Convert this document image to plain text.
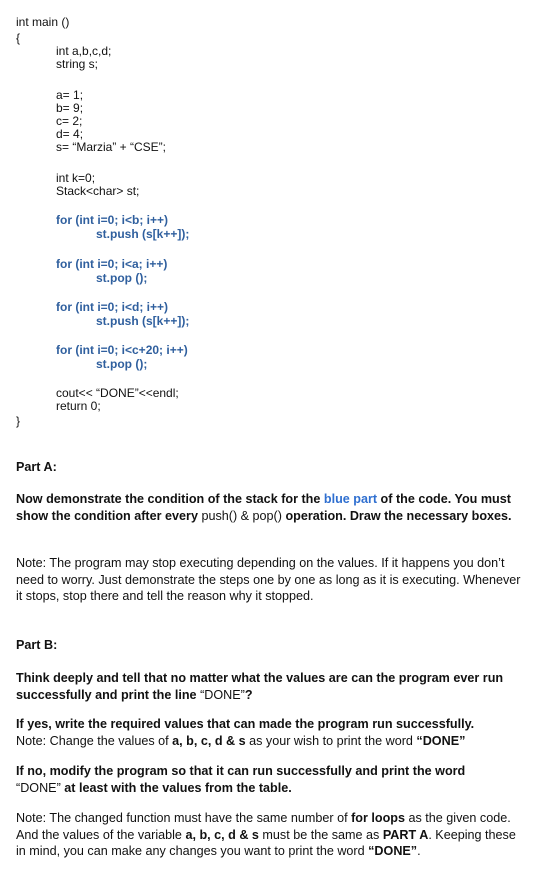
int main ()
{
int a,b,c,d;
string s;
a= 1;
b= 9;
c= 2;
d= 4;
s= “Marzia” + “CSE”;
int k=0;
Stack<char> st;
for (int i=0; i<b; i++)
st.push (s[k++]);
for (int i=0; i<a; i++)
st.pop ();
for (int i=0; i<d; i++)
st.push (s[k++]);
for (int i=0; i<c+20; i++)
st.pop ();
cout<< “DONE”<<endl;
return 0;
}
Part A:
Now demonstrate the condition of the stack for the blue part of the code. You must show the condition after every push() & pop() operation. Draw the necessary boxes.
Note: The program may stop executing depending on the values. If it happens you don’t need to worry. Just demonstrate the steps one by one as long as it is executing. Whenever it stops, stop there and tell the reason why it stopped.
Part B:
Think deeply and tell that no matter what the values are can the program ever run successfully and print the line “DONE”?
If yes, write the required values that can made the program run successfully.
Note: Change the values of a, b, c, d & s as your wish to print the word “DONE”
If no, modify the program so that it can run successfully and print the word
“DONE” at least with the values from the table.
Note: The changed function must have the same number of for loops as the given code. And the values of the variable a, b, c, d & s must be the same as PART A. Keeping these in mind, you can make any changes you want to print the word “DONE”.
